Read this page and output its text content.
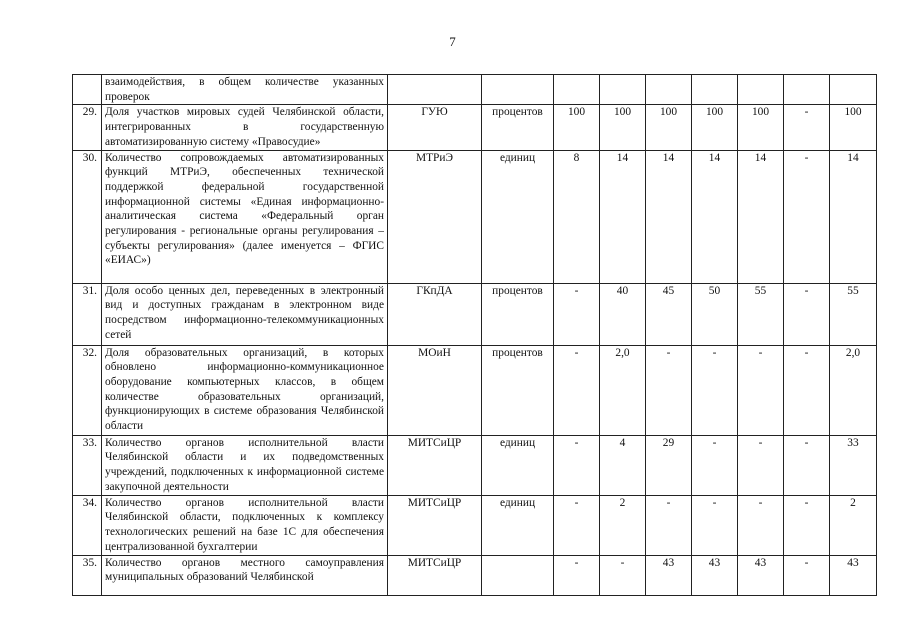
7
	взаимодействия, в общем количестве указанных проверок									
29.	Доля участков мировых судей Челябинской области, интегрированных в государственную автоматизированную систему «Правосудие»	ГУЮ	процентов	100	100	100	100	100	-	100
30.	Количество сопровождаемых автоматизированных функций МТРиЭ, обеспеченных технической поддержкой федеральной государственной информационной системы «Единая информационно-аналитическая система «Федеральный орган регулирования - региональные органы регулирования – субъекты регулирования» (далее именуется – ФГИС «ЕИАС»)	МТРиЭ	единиц	8	14	14	14	14	-	14
31.	Доля особо ценных дел, переведенных в электронный вид и доступных гражданам в электронном виде посредством информационно-телекоммуникационных сетей	ГКпДА	процентов	-	40	45	50	55	-	55
32.	Доля образовательных организаций, в которых обновлено информационно-коммуникационное оборудование компьютерных классов, в общем количестве образовательных организаций, функционирующих в системе образования Челябинской области	МОиН	процентов	-	2,0	-	-	-	-	2,0
33.	Количество органов исполнительной власти Челябинской области и их подведомственных учреждений, подключенных к информационной системе закупочной деятельности	МИТСиЦР	единиц	-	4	29	-	-	-	33
34.	Количество органов исполнительной власти Челябинской области, подключенных к комплексу технологических решений на базе 1С для обеспечения централизованной бухгалтерии	МИТСиЦР	единиц	-	2	-	-	-	-	2
35.	Количество органов местного самоуправления муниципальных образований Челябинской	МИТСиЦР		-	-	43	43	43	-	43
